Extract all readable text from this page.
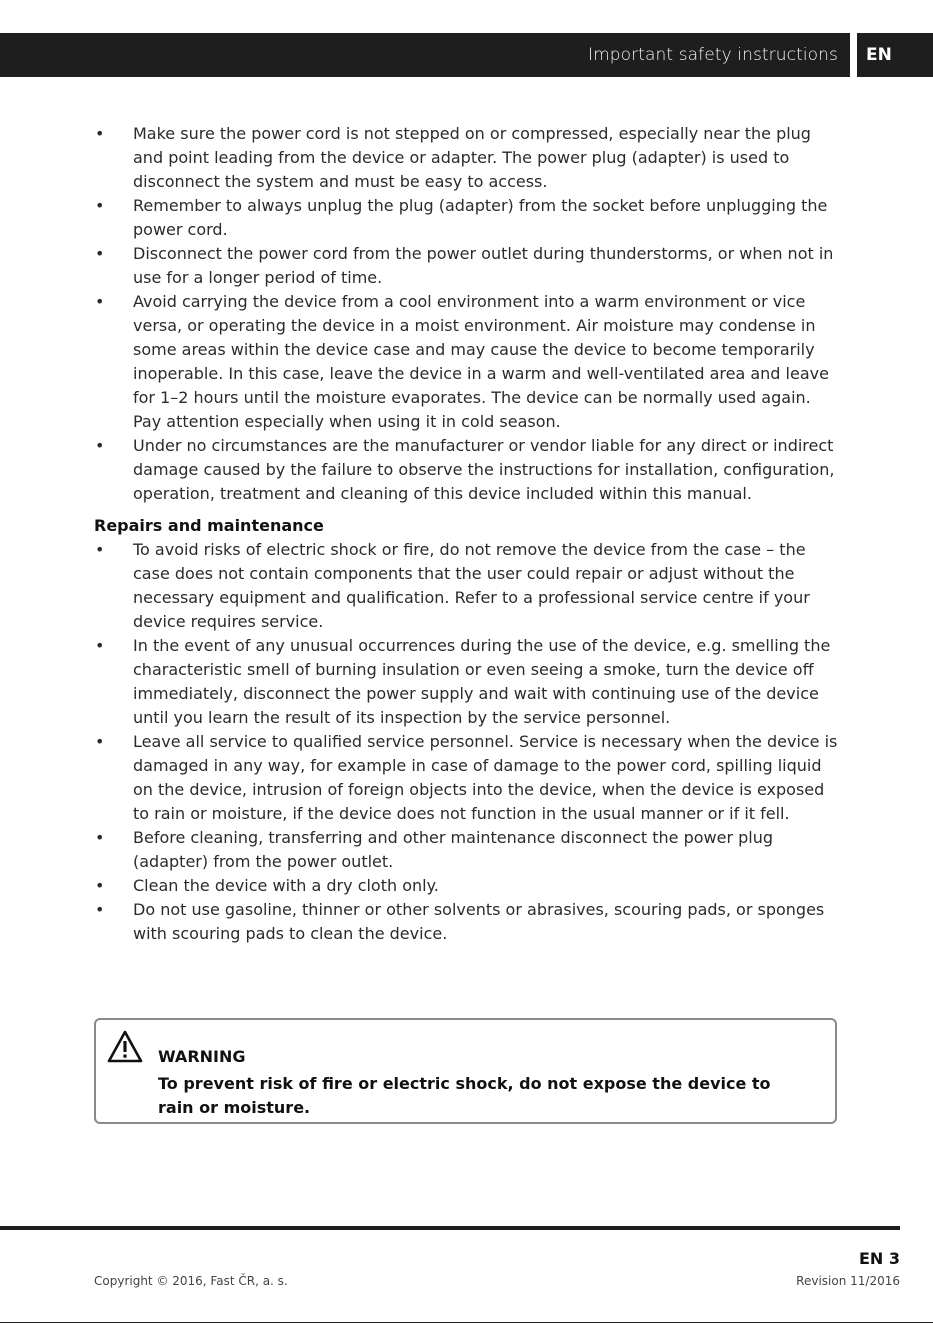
Important safety instructions	EN
• Make sure the power cord is not stepped on or compressed, especially near the plug and point leading from the device or adapter. The power plug (adapter) is used to disconnect the system and must be easy to access.
• Remember to always unplug the plug (adapter) from the socket before unplugging the power cord.
• Disconnect the power cord from the power outlet during thunderstorms, or when not in use for a longer period of time.
• Avoid carrying the device from a cool environment into a warm environment or vice versa, or operating the device in a moist environment. Air moisture may condense in some areas within the device case and may cause the device to become temporarily inoperable. In this case, leave the device in a warm and well-ventilated area and leave for 1–2 hours until the moisture evaporates. The device can be normally used again. Pay attention especially when using it in cold season.
• Under no circumstances are the manufacturer or vendor liable for any direct or indirect damage caused by the failure to observe the instructions for installation, configuration, operation, treatment and cleaning of this device included within this manual.
Repairs and maintenance
• To avoid risks of electric shock or fire, do not remove the device from the case – the case does not contain components that the user could repair or adjust without the necessary equipment and qualification. Refer to a professional service centre if your device requires service.
• In the event of any unusual occurrences during the use of the device, e.g. smelling the characteristic smell of burning insulation or even seeing a smoke, turn the device off immediately, disconnect the power supply and wait with continuing use of the device until you learn the result of its inspection by the service personnel.
• Leave all service to qualified service personnel. Service is necessary when the device is damaged in any way, for example in case of damage to the power cord, spilling liquid on the device, intrusion of foreign objects into the device, when the device is exposed to rain or moisture, if the device does not function in the usual manner or if it fell.
• Before cleaning, transferring and other maintenance disconnect the power plug (adapter) from the power outlet.
• Clean the device with a dry cloth only.
• Do not use gasoline, thinner or other solvents or abrasives, scouring pads, or sponges with scouring pads to clean the device.
WARNING
To prevent risk of fire or electric shock, do not expose the device to rain or moisture.
EN 3
Copyright © 2016, Fast ČR, a. s.	Revision 11/2016
